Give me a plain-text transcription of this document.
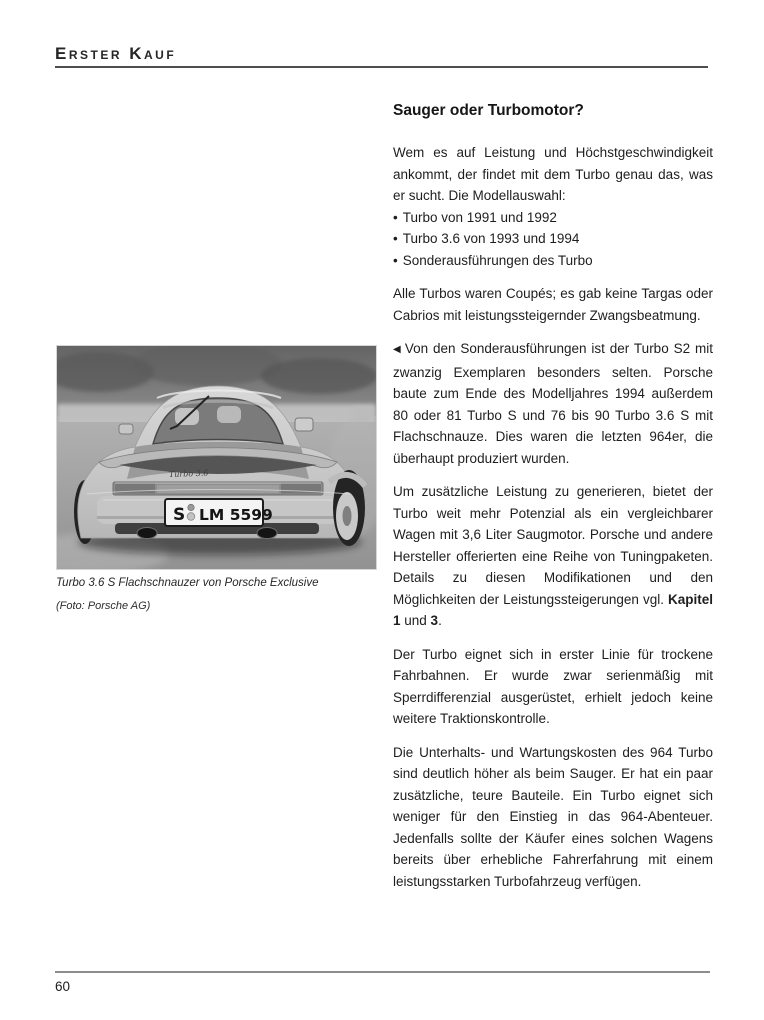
Erster Kauf
Turbo 3.6
S LM 5599
Turbo 3.6 S Flachschnauzer von Porsche Exclusive
(Foto: Porsche AG)
Sauger oder Turbomotor?

Wem es auf Leistung und Höchstgeschwindigkeit ankommt, der findet mit dem Turbo genau das, was er sucht. Die Modellauswahl:

• Turbo von 1991 und 1992
• Turbo 3.6 von 1993 und 1994
• Sonderausführungen des Turbo

Alle Turbos waren Coupés; es gab keine Targas oder Cabrios mit leistungssteigernder Zwangsbeatmung.

◀ Von den Sonderausführungen ist der Turbo S2 mit zwanzig Exemplaren besonders selten. Porsche baute zum Ende des Modelljahres 1994 außerdem 80 oder 81 Turbo S und 76 bis 90 Turbo 3.6 S mit Flachschnauze. Dies waren die letzten 964er, die überhaupt produziert wurden.

Um zusätzliche Leistung zu generieren, bietet der Turbo weit mehr Potenzial als ein vergleichbarer Wagen mit 3,6 Liter Saugmotor. Porsche und andere Hersteller offerierten eine Reihe von Tuningpaketen. Details zu diesen Modifikationen und den Möglichkeiten der Leistungssteigerungen vgl. Kapitel 1 und 3.

Der Turbo eignet sich in erster Linie für trockene Fahrbahnen. Er wurde zwar serienmäßig mit Sperrdifferenzial ausgerüstet, erhielt jedoch keine weitere Traktionskontrolle.

Die Unterhalts- und Wartungskosten des 964 Turbo sind deutlich höher als beim Sauger. Er hat ein paar zusätzliche, teure Bauteile. Ein Turbo eignet sich weniger für den Einstieg in das 964-Abenteuer. Jedenfalls sollte der Käufer eines solchen Wagens bereits über erhebliche Fahrerfahrung mit einem leistungsstarken Turbofahrzeug verfügen.

60
